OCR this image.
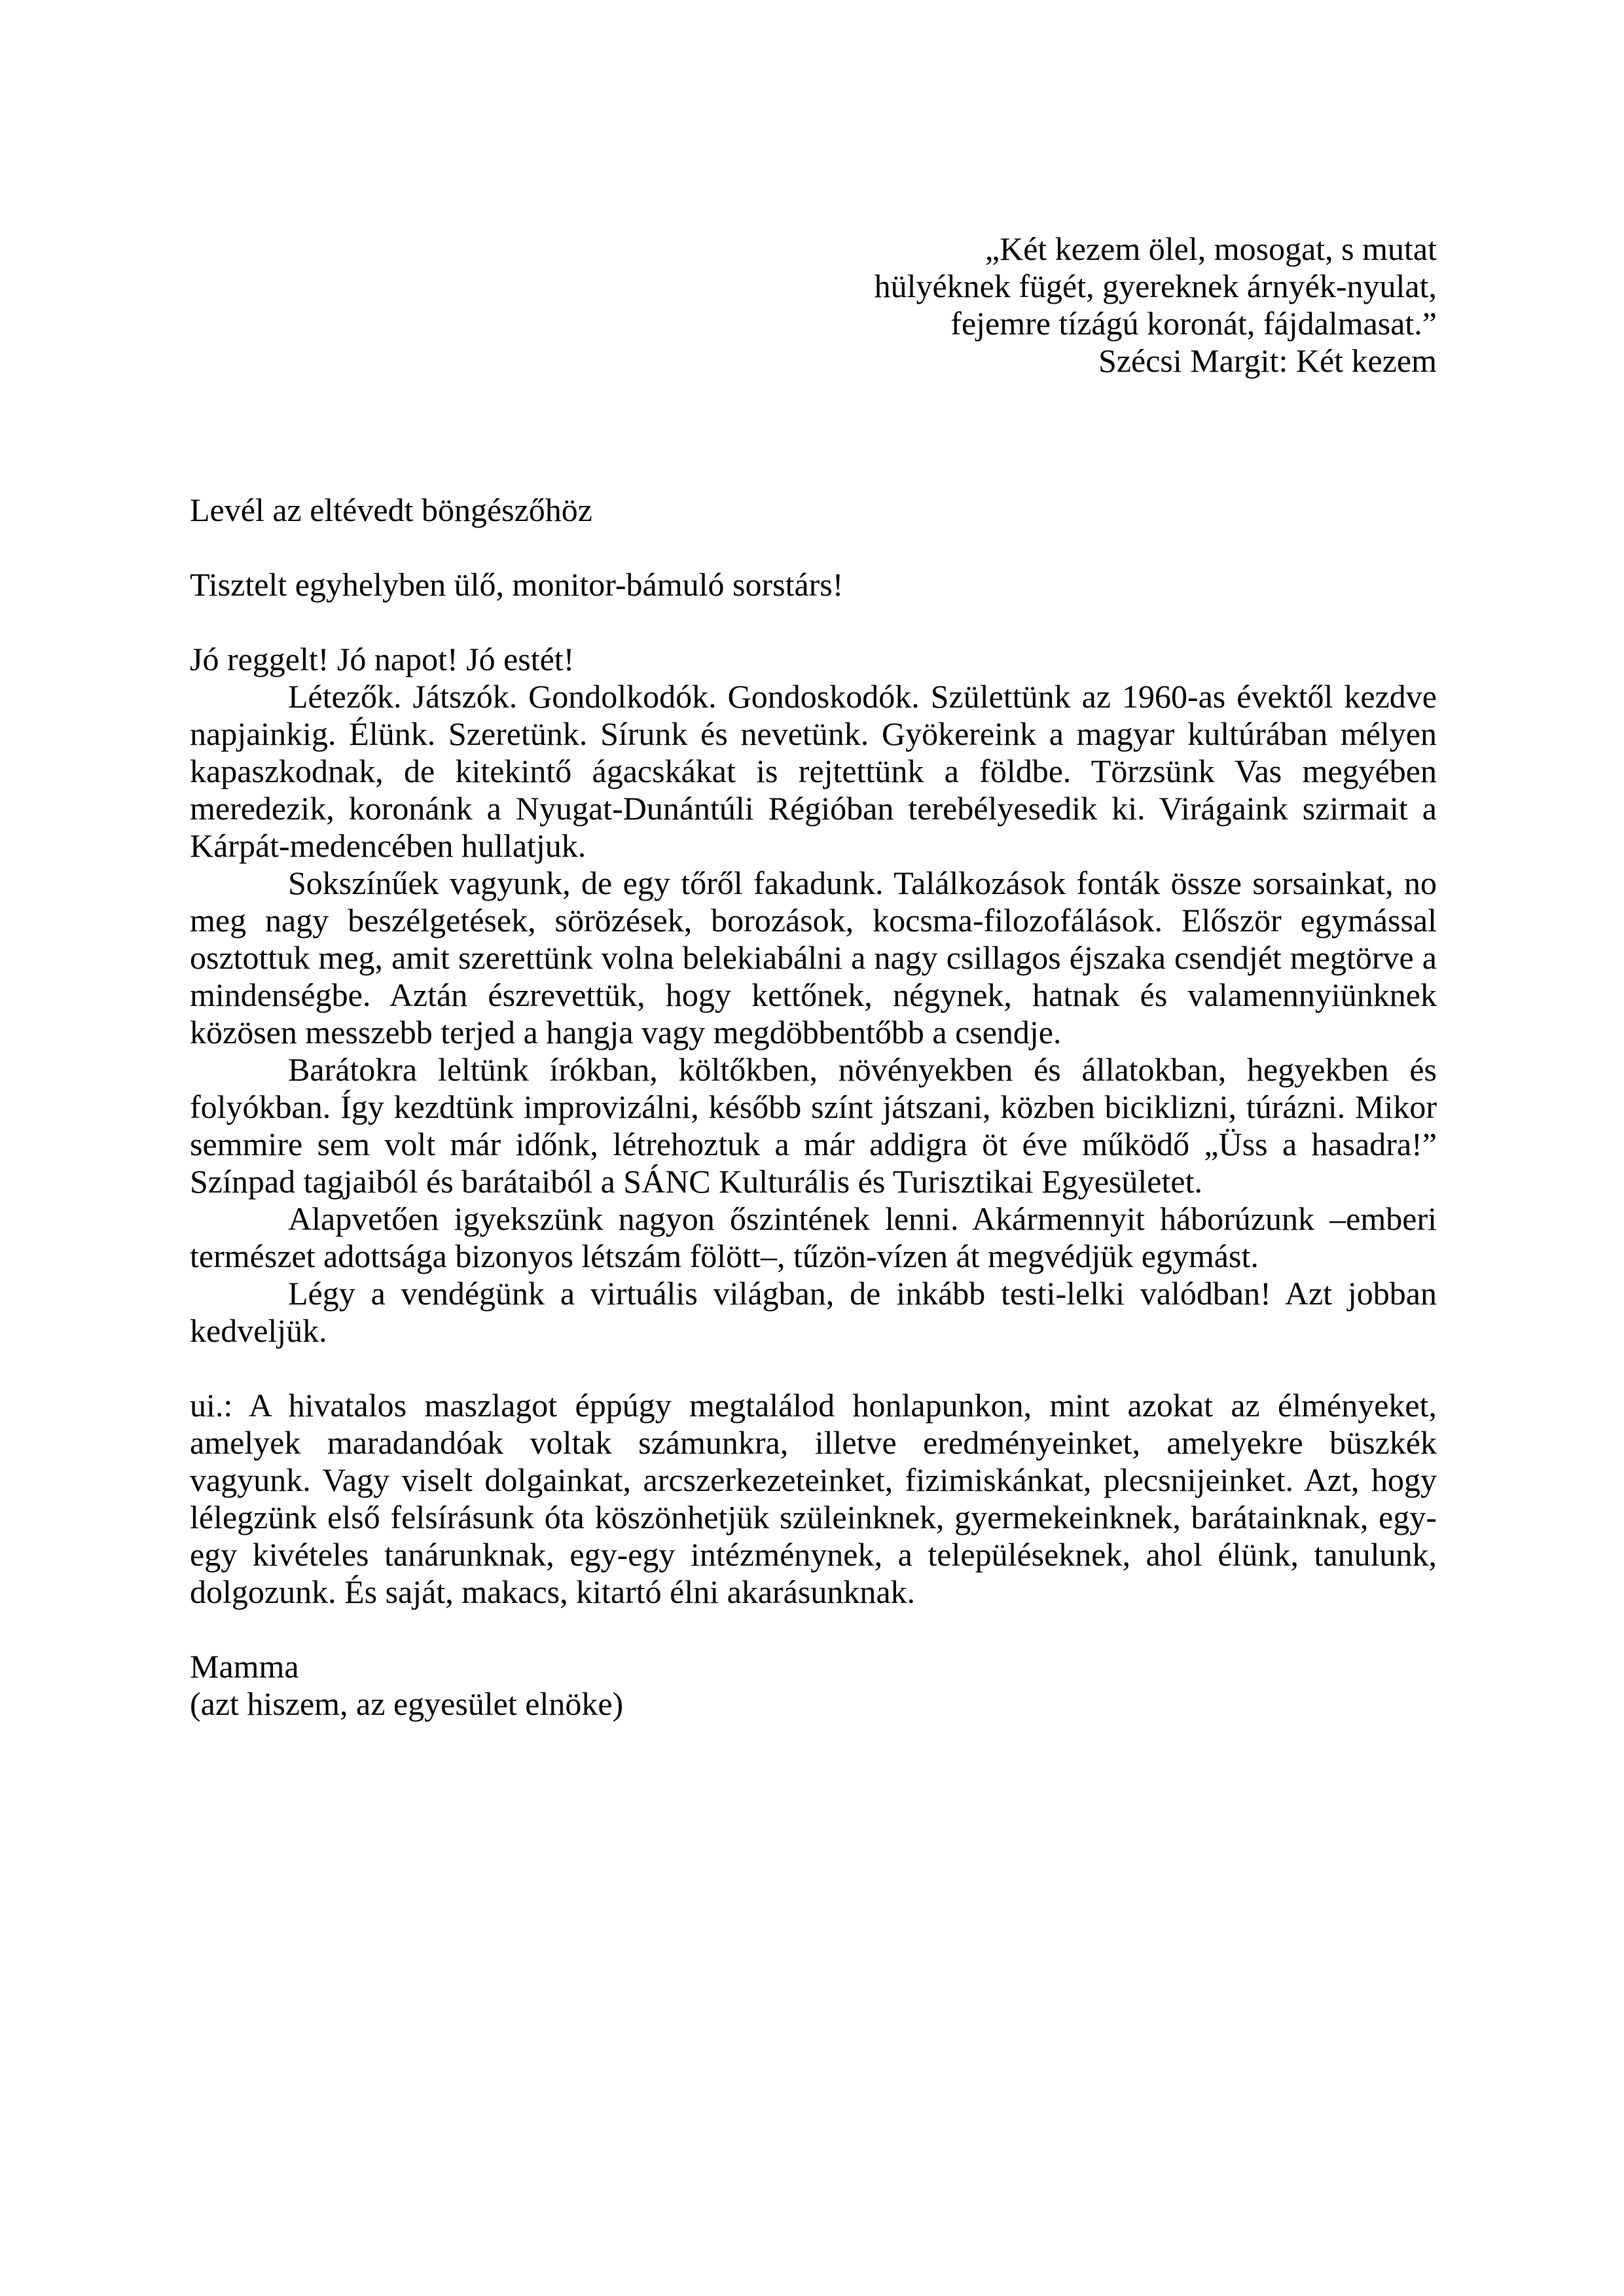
„Két kezem ölel, mosogat, s mutat

hülyéknek fügét, gyereknek árnyék-nyulat,

fejemre tízágú koronát, fájdalmasat.”

Szécsi Margit: Két kezem

Levél az eltévedt böngészőhöz

Tisztelt egyhelyben ülő, monitor-bámuló sorstárs!

Jó reggelt! Jó napot! Jó estét!

Létezők. Játszók. Gondolkodók. Gondoskodók. Születtünk az 1960-as évektől kezdve napjainkig. Élünk. Szeretünk. Sírunk és nevetünk. Gyökereink a magyar kultúrában mélyen kapaszkodnak, de kitekintő ágacskákat is rejtettünk a földbe. Törzsünk Vas megyében meredezik, koronánk a Nyugat-Dunántúli Régióban terebélyesedik ki. Virágaink szirmait a Kárpát-medencében hullatjuk.

Sokszínűek vagyunk, de egy tőről fakadunk. Találkozások fonták össze sorsainkat, no meg nagy beszélgetések, sörözések, borozások, kocsma-filozofálások. Először egymással osztottuk meg, amit szerettünk volna belekiabálni a nagy csillagos éjszaka csendjét megtörve a mindenségbe. Aztán észrevettük, hogy kettőnek, négynek, hatnak és valamennyiünknek közösen messzebb terjed a hangja vagy megdöbbentőbb a csendje.

Barátokra leltünk írókban, költőkben, növényekben és állatokban, hegyekben és folyókban. Így kezdtünk improvizálni, később színt játszani, közben biciklizni, túrázni. Mikor semmire sem volt már időnk, létrehoztuk a már addigra öt éve működő „Üss a hasadra!” Színpad tagjaiból és barátaiból a SÁNC Kulturális és Turisztikai Egyesületet.

Alapvetően igyekszünk nagyon őszintének lenni. Akármennyit háborúzunk –emberi természet adottsága bizonyos létszám fölött–, tűzön-vízen át megvédjük egymást.

Légy a vendégünk a virtuális világban, de inkább testi-lelki valódban! Azt jobban kedveljük.

ui.: A hivatalos maszlagot éppúgy megtalálod honlapunkon, mint azokat az élményeket, amelyek maradandóak voltak számunkra, illetve eredményeinket, amelyekre büszkék vagyunk. Vagy viselt dolgainkat, arcszerkezeteinket, fizimiskánkat, plecsnijeinket. Azt, hogy lélegzünk első felsírásunk óta köszönhetjük szüleinknek, gyermekeinknek, barátainknak, egy-egy kivételes tanárunknak, egy-egy intézménynek, a településeknek, ahol élünk, tanulunk, dolgozunk. És saját, makacs, kitartó élni akarásunknak.

Mamma

(azt hiszem, az egyesület elnöke)
